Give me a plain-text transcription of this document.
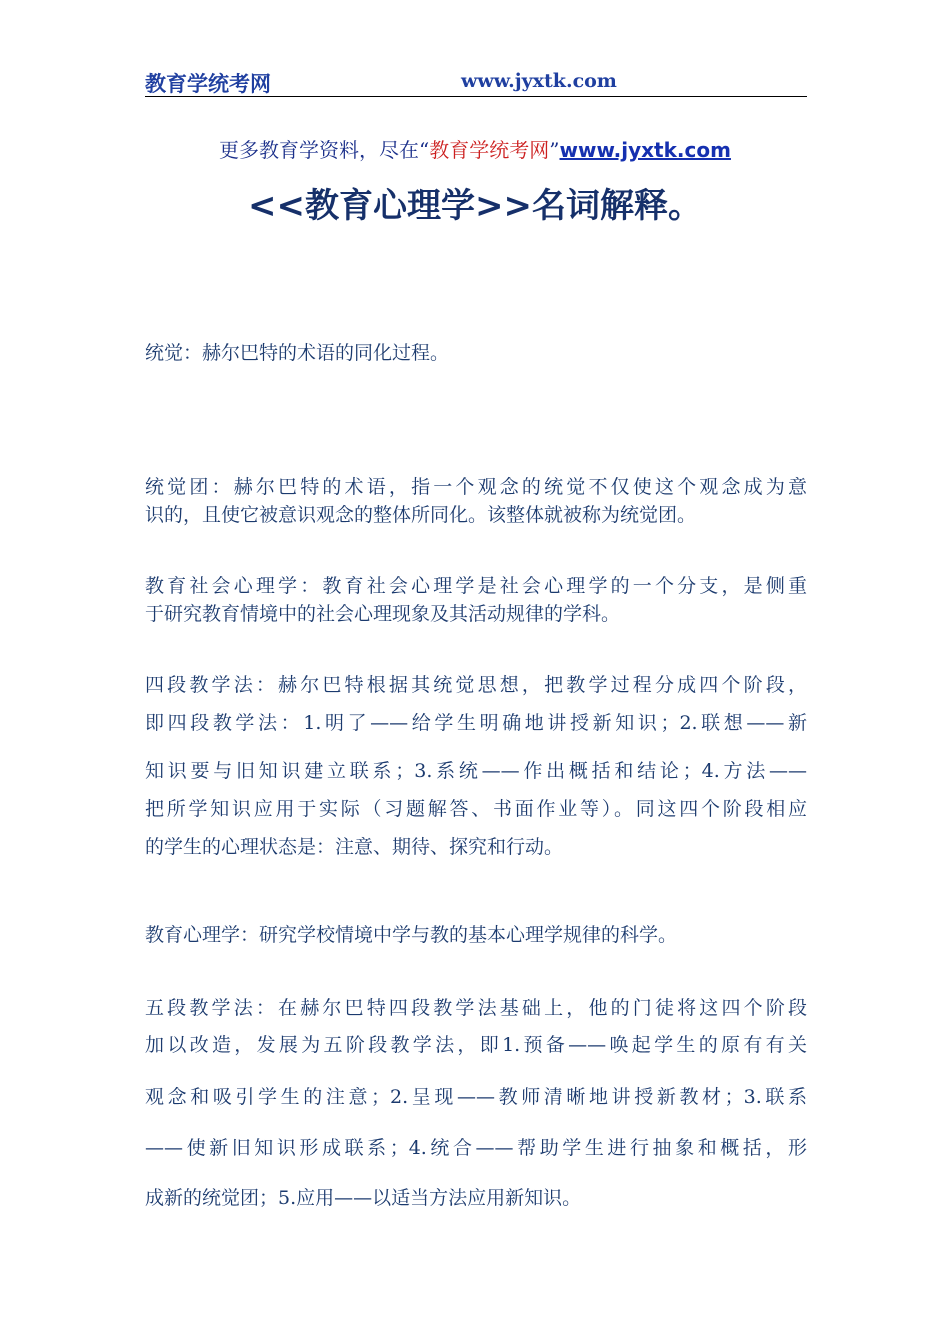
教育学统考网	www.jyxtk.com
更多教育学资料，尽在“教育学统考网”www.jyxtk.com
<<教育心理学>>名词解释。
统觉：赫尔巴特的术语的同化过程。
统觉团：赫尔巴特的术语，指一个观念的统觉不仅使这个观念成为意
识的，且使它被意识观念的整体所同化。该整体就被称为统觉团。
教育社会心理学：教育社会心理学是社会心理学的一个分支，是侧重
于研究教育情境中的社会心理现象及其活动规律的学科。
四段教学法：赫尔巴特根据其统觉思想，把教学过程分成四个阶段，
即四段教学法：1.明了——给学生明确地讲授新知识；2.联想——新
知识要与旧知识建立联系；3.系统——作出概括和结论；4.方法——
把所学知识应用于实际（习题解答、书面作业等）。同这四个阶段相应
的学生的心理状态是：注意、期待、探究和行动。
教育心理学：研究学校情境中学与教的基本心理学规律的科学。
五段教学法：在赫尔巴特四段教学法基础上，他的门徒将这四个阶段
加以改造，发展为五阶段教学法，即1.预备——唤起学生的原有有关
观念和吸引学生的注意；2.呈现——教师清晰地讲授新教材；3.联系
——使新旧知识形成联系；4.统合——帮助学生进行抽象和概括，形
成新的统觉团；5.应用——以适当方法应用新知识。
